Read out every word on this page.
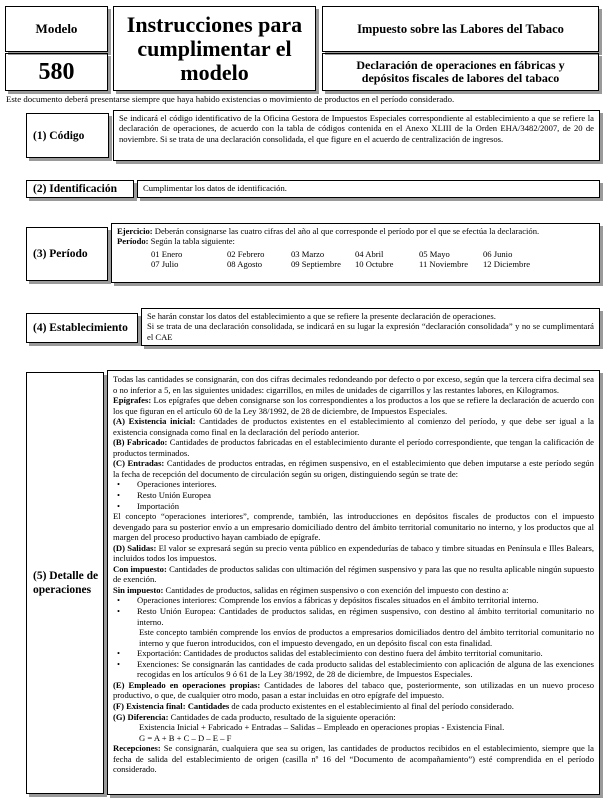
Modelo
580
Instrucciones para cumplimentar el modelo
Impuesto sobre las Labores del Tabaco
Declaración de operaciones en fábricas y depósitos fiscales de labores del tabaco
Este documento deberá presentarse siempre que haya habido existencias o movimiento de productos en el período considerado.
(1) Código

Se indicará el código identificativo de la Oficina Gestora de Impuestos Especiales correspondiente al establecimiento a que se refiere la declaración de operaciones, de acuerdo con la tabla de códigos contenida en el Anexo XLIII de la Orden EHA/3482/2007, de 20 de noviembre. Si se trata de una declaración consolidada, el que figure en el acuerdo de centralización de ingresos.

(2) Identificación	Cumplimentar los datos de identificación.

(3) Período

Ejercicio: Deberán consignarse las cuatro cifras del año al que corresponde el período por el que se efectúa la declaración.

Período: Según la tabla siguiente:

01 Enero	02 Febrero	03 Marzo	04 Abril	05 Mayo	06 Junio
07 Julio	08 Agosto	09 Septiembre	10 Octubre	11 Noviembre	12 Diciembre
(4) Establecimiento

Se harán constar los datos del establecimiento a que se refiere la presente declaración de operaciones.

Si se trata de una declaración consolidada, se indicará en su lugar la expresión “declaración consolidada” y no se cumplimentará el CAE

(5) Detalle de operaciones

Todas las cantidades se consignarán, con dos cifras decimales redondeando por defecto o por exceso, según que la tercera cifra decimal sea o no inferior a 5, en las siguientes unidades: cigarrillos, en miles de unidades de cigarrillos y las restantes labores, en Kilogramos.

Epígrafes: Los epígrafes que deben consignarse son los correspondientes a los productos a los que se refiere la declaración de acuerdo con los que figuran en el artículo 60 de la Ley 38/1992, de 28 de diciembre, de Impuestos Especiales.

(A) Existencia inicial: Cantidades de productos existentes en el establecimiento al comienzo del período, y que debe ser igual a la existencia consignada como final en la declaración del período anterior.

(B) Fabricado: Cantidades de productos fabricadas en el establecimiento durante el período correspondiente, que tengan la calificación de productos terminados.

(C) Entradas: Cantidades de productos entradas, en régimen suspensivo, en el establecimiento que deben imputarse a este período según la fecha de recepción del documento de circulación según su origen, distinguiendo según se trate de:

• Operaciones interiores.
• Resto Unión Europea
• Importación

El concepto “operaciones interiores”, comprende, también, las introducciones en depósitos fiscales de productos con el impuesto devengado para su posterior envío a un empresario domiciliado dentro del ámbito territorial comunitario no interno, y los productos que al margen del proceso productivo hayan cambiado de epígrafe.

(D) Salidas: El valor se expresará según su precio venta público en expendedurías de tabaco y timbre situadas en Península e Illes Balears, incluidos todos los impuestos.

Con impuesto: Cantidades de productos salidas con ultimación del régimen suspensivo y para las que no resulta aplicable ningún supuesto de exención.

Sin impuesto: Cantidades de productos, salidas en régimen suspensivo o con exención del impuesto con destino a:

• Operaciones interiores: Comprende los envíos a fábricas y depósitos fiscales situados en el ámbito territorial interno.
• Resto Unión Europea: Cantidades de productos salidas, en régimen suspensivo, con destino al ámbito territorial comunitario no interno.

Este concepto también comprende los envíos de productos a empresarios domiciliados dentro del ámbito territorial comunitario no interno y que fueron introducidos, con el impuesto devengado, en un depósito fiscal con esta finalidad.

• Exportación: Cantidades de productos salidas del establecimiento con destino fuera del ámbito territorial comunitario.
• Exenciones: Se consignarán las cantidades de cada producto salidas del establecimiento con aplicación de alguna de las exenciones recogidas en los artículos 9 ó 61 de la Ley 38/1992, de 28 de diciembre, de Impuestos Especiales.

(E) Empleado en operaciones propias: Cantidades de labores del tabaco que, posteriormente, son utilizadas en un nuevo proceso productivo, o que, de cualquier otro modo, pasan a estar incluidas en otro epígrafe del impuesto.

(F) Existencia final: Cantidades de cada producto existentes en el establecimiento al final del período considerado.

(G) Diferencia: Cantidades de cada producto, resultado de la siguiente operación:

Existencia Inicial + Fabricado + Entradas – Salidas – Empleado en operaciones propias - Existencia Final.

G = A + B + C – D – E – F

Recepciones: Se consignarán, cualquiera que sea su origen, las cantidades de productos recibidos en el establecimiento, siempre que la fecha de salida del establecimiento de origen (casilla nº 16 del “Documento de acompañamiento”) esté comprendida en el período considerado.
